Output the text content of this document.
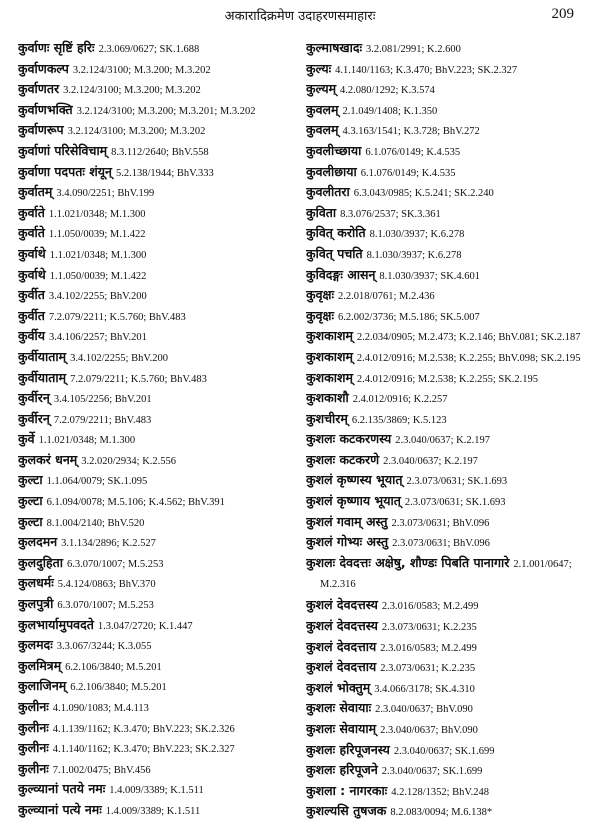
अकारादिक्रमेण उदाहरणसमाहारः	209
कुर्वाणः सृष्टिं हरिः 2.3.069/0627; SK.1.688
कुर्वाणकल्प 3.2.124/3100; M.3.200; M.3.202
कुर्वाणतर 3.2.124/3100; M.3.200; M.3.202
कुर्वाणभक्ति 3.2.124/3100; M.3.200; M.3.201; M.3.202
कुर्वाणरूप 3.2.124/3100; M.3.200; M.3.202
कुर्वाणां परिसेविचाम् 8.3.112/2640; BhV.558
कुर्वाणा पदपतः शंयून् 5.2.138/1944; BhV.333
कुर्वातम् 3.4.090/2251; BhV.199
कुर्वाते 1.1.021/0348; M.1.300
कुर्वाते 1.1.050/0039; M.1.422
कुर्वाथे 1.1.021/0348; M.1.300
कुर्वाथे 1.1.050/0039; M.1.422
कुर्वीत 3.4.102/2255; BhV.200
कुर्वीत 7.2.079/2211; K.5.760; BhV.483
कुर्वीय 3.4.106/2257; BhV.201
कुर्वीयाताम् 3.4.102/2255; BhV.200
कुर्वीयाताम् 7.2.079/2211; K.5.760; BhV.483
कुर्वीरन् 3.4.105/2256; BhV.201
कुर्वीरन् 7.2.079/2211; BhV.483
कुर्वे 1.1.021/0348; M.1.300
कुलकरं धनम् 3.2.020/2934; K.2.556
कुल्टा 1.1.064/0079; SK.1.095
कुल्टा 6.1.094/0078; M.5.106; K.4.562; BhV.391
कुल्टा 8.1.004/2140; BhV.520
कुलदमन 3.1.134/2896; K.2.527
कुलदुहिता 6.3.070/1007; M.5.253
कुलधर्मः 5.4.124/0863; BhV.370
कुलपुत्री 6.3.070/1007; M.5.253
कुलभार्यामुपवदते 1.3.047/2720; K.1.447
कुलमदः 3.3.067/3244; K.3.055
कुलमित्रम् 6.2.106/3840; M.5.201
कुलाजिनम् 6.2.106/3840; M.5.201
कुलीनः 4.1.090/1083; M.4.113
कुलीनः 4.1.139/1162; K.3.470; BhV.223; SK.2.326
कुलीनः 4.1.140/1162; K.3.470; BhV.223; SK.2.327
कुलीनः 7.1.002/0475; BhV.456
कुल्व्यानां पतये नमः 1.4.009/3389; K.1.511
कुल्व्यानां पत्ये नमः 1.4.009/3389; K.1.511
कुल्माषखादः 3.2.081/2991; K.2.600
कुल्यः 4.1.140/1163; K.3.470; BhV.223; SK.2.327
कुल्यम् 4.2.080/1292; K.3.574
कुवलम् 2.1.049/1408; K.1.350
कुवलम् 4.3.163/1541; K.3.728; BhV.272
कुवलीच्छाया 6.1.076/0149; K.4.535
कुवलीछाया 6.1.076/0149; K.4.535
कुवलीतरा 6.3.043/0985; K.5.241; SK.2.240
कुविता 8.3.076/2537; SK.3.361
कुवित् करोति 8.1.030/3937; K.6.278
कुवित् पचति 8.1.030/3937; K.6.278
कुविदङ्गः आसन् 8.1.030/3937; SK.4.601
कुवृक्षः 2.2.018/0761; M.2.436
कुवृक्षः 6.2.002/3736; M.5.186; SK.5.007
कुशकाशम् 2.2.034/0905; M.2.473; K.2.146; BhV.081; SK.2.187
कुशकाशम् 2.4.012/0916; M.2.538; K.2.255; BhV.098; SK.2.195
कुशकाशम् 2.4.012/0916; M.2.538; K.2.255; SK.2.195
कुशकाशौ 2.4.012/0916; K.2.257
कुशचीरम् 6.2.135/3869; K.5.123
कुशलः कटकरणस्य 2.3.040/0637; K.2.197
कुशलः कटकरणे 2.3.040/0637; K.2.197
कुशलं कृष्णस्य भूयात् 2.3.073/0631; SK.1.693
कुशलं कृष्णाय भूयात् 2.3.073/0631; SK.1.693
कुशलं गवाम् अस्तु 2.3.073/0631; BhV.096
कुशलं गोभ्यः अस्तु 2.3.073/0631; BhV.096
कुशलः देवदत्तः अक्षेषु, शौण्डः पिबति पानागारे 2.1.001/0647;
M.2.316
कुशलं देवदत्तस्य 2.3.016/0583; M.2.499
कुशलं देवदत्तस्य 2.3.073/0631; K.2.235
कुशलं देवदत्ताय 2.3.016/0583; M.2.499
कुशलं देवदत्ताय 2.3.073/0631; K.2.235
कुशलं भोक्तुम् 3.4.066/3178; SK.4.310
कुशलः सेवायाः 2.3.040/0637; BhV.090
कुशलः सेवायाम् 2.3.040/0637; BhV.090
कुशलः हरिपूजनस्य 2.3.040/0637; SK.1.699
कुशलः हरिपूजने 2.3.040/0637; SK.1.699
कुशला : नागरकाः 4.2.128/1352; BhV.248
कुशल्यसि तुषजक 8.2.083/0094; M.6.138*
